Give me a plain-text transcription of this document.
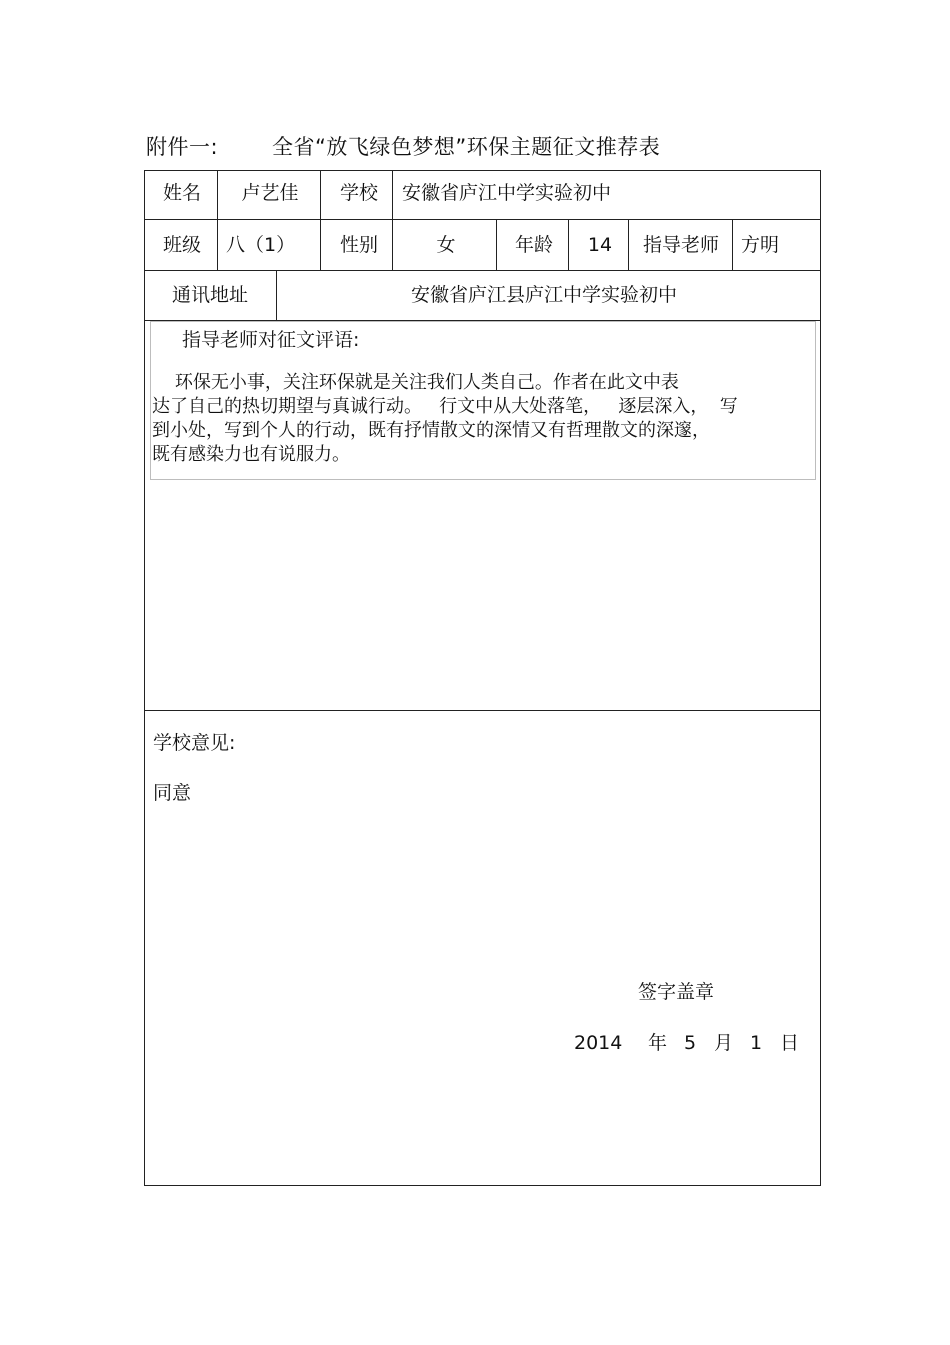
附件一:	全省“放飞绿色梦想”环保主题征文推荐表
姓名 卢艺佳 学校 安徽省庐江中学实验初中
班级 八（1） 性别	女	年龄 14 指导老师 方明
通讯地址	安徽省庐江县庐江中学实验初中
指导老师对征文评语:
环保无小事，关注环保就是关注我们人类自己。作者在此文中表
达了自己的热切期望与真诚行动。   行文中从大处落笔，   逐层深入，  写
到小处，写到个人的行动，既有抒情散文的深情又有哲理散文的深邃，
既有感染力也有说服力。
学校意见:
同意
签字盖章
2014 年 5 月 1 日
